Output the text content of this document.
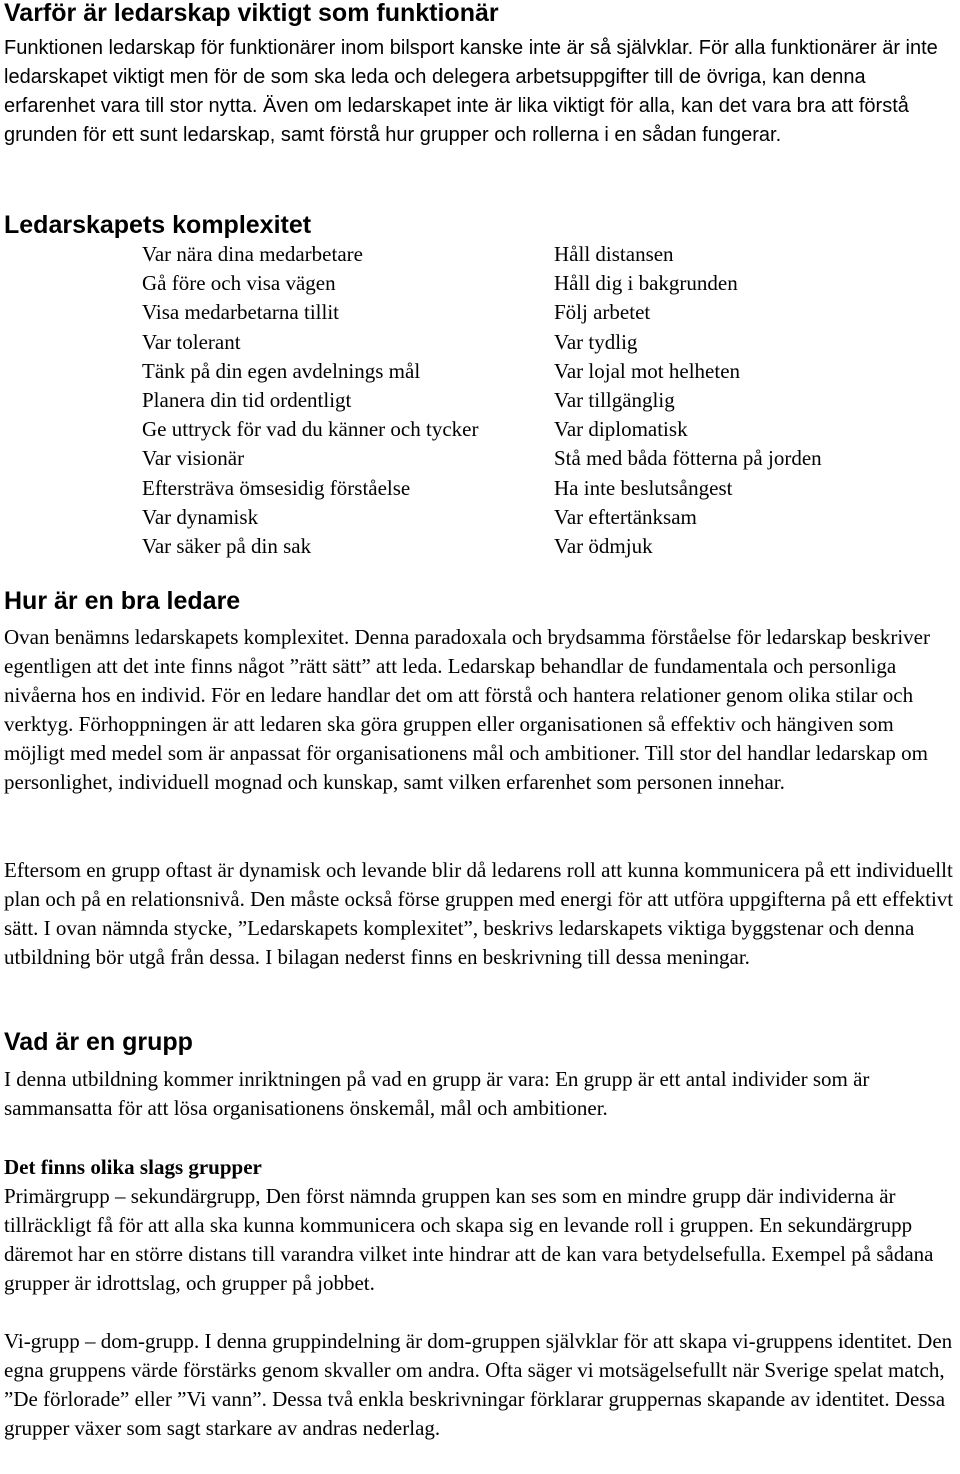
Varför är ledarskap viktigt som funktionär

Funktionen ledarskap för funktionärer inom bilsport kanske inte är så självklar. För alla funktionärer är inte ledarskapet viktigt men för de som ska leda och delegera arbetsuppgifter till de övriga, kan denna erfarenhet vara till stor nytta. Även om ledarskapet inte är lika viktigt för alla, kan det vara bra att förstå grunden för ett sunt ledarskap, samt förstå hur grupper och rollerna i en sådan fungerar.

Ledarskapets komplexitet
Var nära dina medarbetare	Håll distansen
Gå före och visa vägen	Håll dig i bakgrunden
Visa medarbetarna tillit	Följ arbetet
Var tolerant	Var tydlig
Tänk på din egen avdelnings mål	Var lojal mot helheten
Planera din tid ordentligt	Var tillgänglig
Ge uttryck för vad du känner och tycker	Var diplomatisk
Var visionär	Stå med båda fötterna på jorden
Eftersträva ömsesidig förståelse	Ha inte beslutsångest
Var dynamisk	Var eftertänksam
Var säker på din sak	Var ödmjuk
Hur är en bra ledare

Ovan benämns ledarskapets komplexitet. Denna paradoxala och brydsamma förståelse för ledarskap beskriver egentligen att det inte finns något ”rätt sätt” att leda. Ledarskap behandlar de fundamentala och personliga nivåerna hos en individ. För en ledare handlar det om att förstå och hantera relationer genom olika stilar och verktyg. Förhoppningen är att ledaren ska göra gruppen eller organisationen så effektiv och hängiven som möjligt med medel som är anpassat för organisationens mål och ambitioner. Till stor del handlar ledarskap om personlighet, individuell mognad och kunskap, samt vilken erfarenhet som personen innehar.

Eftersom en grupp oftast är dynamisk och levande blir då ledarens roll att kunna kommunicera på ett individuellt plan och på en relationsnivå. Den måste också förse gruppen med energi för att utföra uppgifterna på ett effektivt sätt. I ovan nämnda stycke, ”Ledarskapets komplexitet”, beskrivs ledarskapets viktiga byggstenar och denna utbildning bör utgå från dessa. I bilagan nederst finns en beskrivning till dessa meningar.

Vad är en grupp

I denna utbildning kommer inriktningen på vad en grupp är vara: En grupp är ett antal individer som är sammansatta för att lösa organisationens önskemål, mål och ambitioner.

Det finns olika slags grupper

Primärgrupp – sekundärgrupp, Den först nämnda gruppen kan ses som en mindre grupp där individerna är tillräckligt få för att alla ska kunna kommunicera och skapa sig en levande roll i gruppen. En sekundärgrupp däremot har en större distans till varandra vilket inte hindrar att de kan vara betydelsefulla. Exempel på sådana grupper är idrottslag, och grupper på jobbet.

Vi-grupp – dom-grupp. I denna gruppindelning är dom-gruppen självklar för att skapa vi-gruppens identitet. Den egna gruppens värde förstärks genom skvaller om andra. Ofta säger vi motsägelsefullt när Sverige spelat match, ”De förlorade” eller ”Vi vann”. Dessa två enkla beskrivningar förklarar gruppernas skapande av identitet. Dessa grupper växer som sagt starkare av andras nederlag.
